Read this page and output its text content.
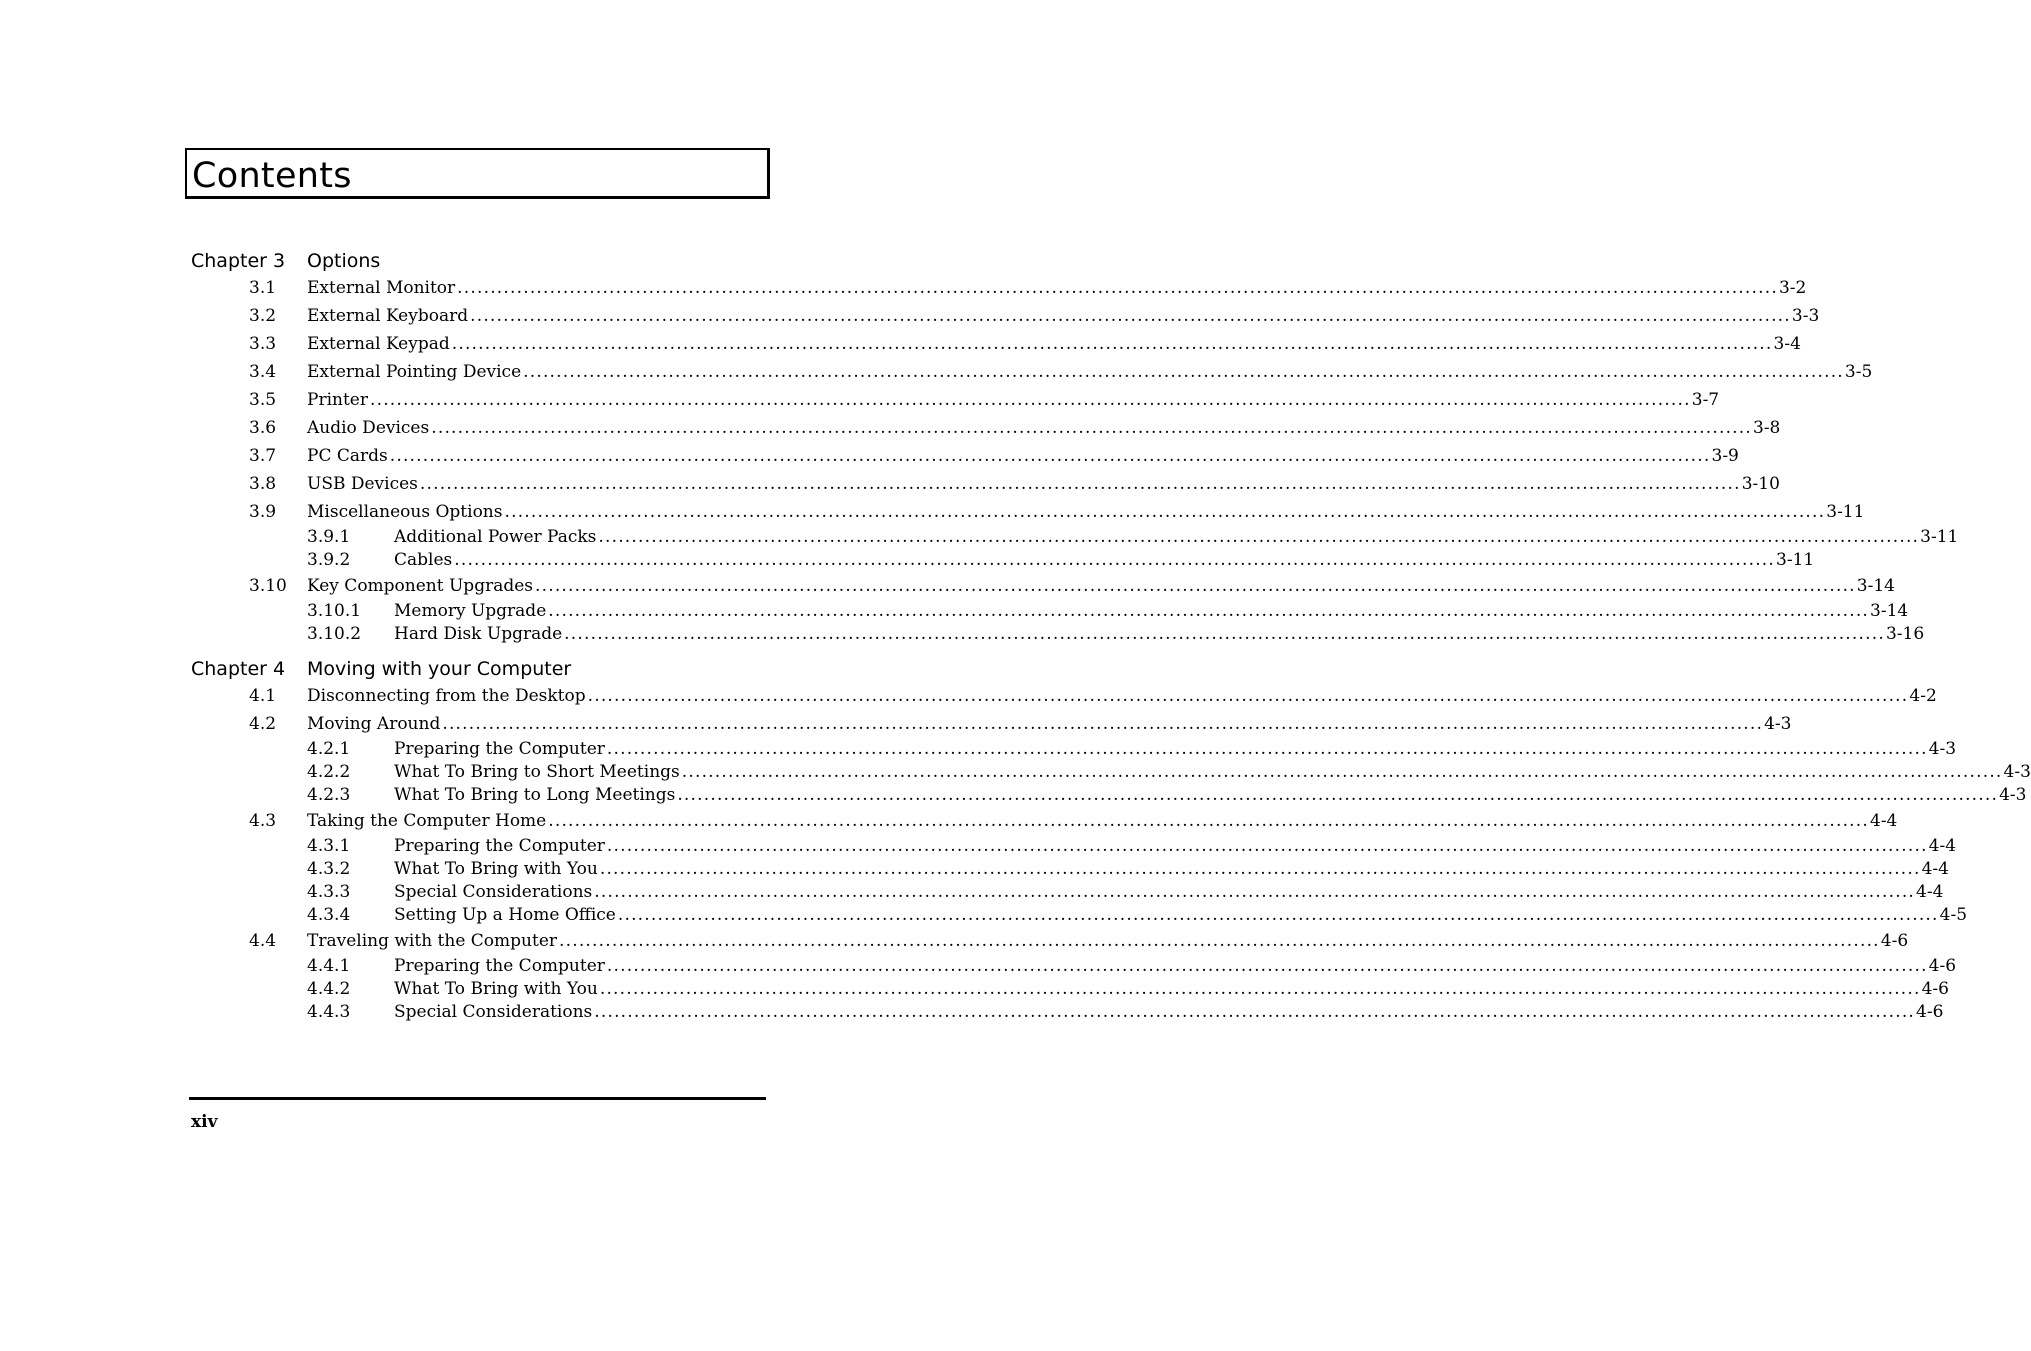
Contents
Chapter 3 Options
3.1 External Monitor ........................................................................................................................................................................................................ 3-2
3.2 External Keyboard ........................................................................................................................................................................................................ 3-3
3.3 External Keypad ........................................................................................................................................................................................................ 3-4
3.4 External Pointing Device ........................................................................................................................................................................................................ 3-5
3.5 Printer ........................................................................................................................................................................................................ 3-7
3.6 Audio Devices ........................................................................................................................................................................................................ 3-8
3.7 PC Cards ........................................................................................................................................................................................................ 3-9
3.8 USB Devices ........................................................................................................................................................................................................ 3-10
3.9 Miscellaneous Options ........................................................................................................................................................................................................ 3-11
3.9.1	Additional Power Packs ........................................................................................................................................................................................................ 3-11
3.9.2	Cables ........................................................................................................................................................................................................ 3-11
3.10 Key Component Upgrades ........................................................................................................................................................................................................ 3-14
3.10.1 Memory Upgrade ........................................................................................................................................................................................................ 3-14
3.10.2 Hard Disk Upgrade ........................................................................................................................................................................................................ 3-16
Chapter 4 Moving with your Computer
4.1 Disconnecting from the Desktop ........................................................................................................................................................................................................ 4-2
4.2 Moving Around ........................................................................................................................................................................................................ 4-3
4.2.1	Preparing the Computer ........................................................................................................................................................................................................ 4-3
4.2.2	What To Bring to Short Meetings ........................................................................................................................................................................................................ 4-3
4.2.3	What To Bring to Long Meetings ........................................................................................................................................................................................................ 4-3
4.3 Taking the Computer Home ........................................................................................................................................................................................................ 4-4
4.3.1	Preparing the Computer ........................................................................................................................................................................................................ 4-4
4.3.2	What To Bring with You ........................................................................................................................................................................................................ 4-4
4.3.3	Special Considerations ........................................................................................................................................................................................................ 4-4
4.3.4	Setting Up a Home Office ........................................................................................................................................................................................................ 4-5
4.4 Traveling with the Computer ........................................................................................................................................................................................................ 4-6
4.4.1	Preparing the Computer ........................................................................................................................................................................................................ 4-6
4.4.2	What To Bring with You ........................................................................................................................................................................................................ 4-6
4.4.3	Special Considerations ........................................................................................................................................................................................................ 4-6
xiv
